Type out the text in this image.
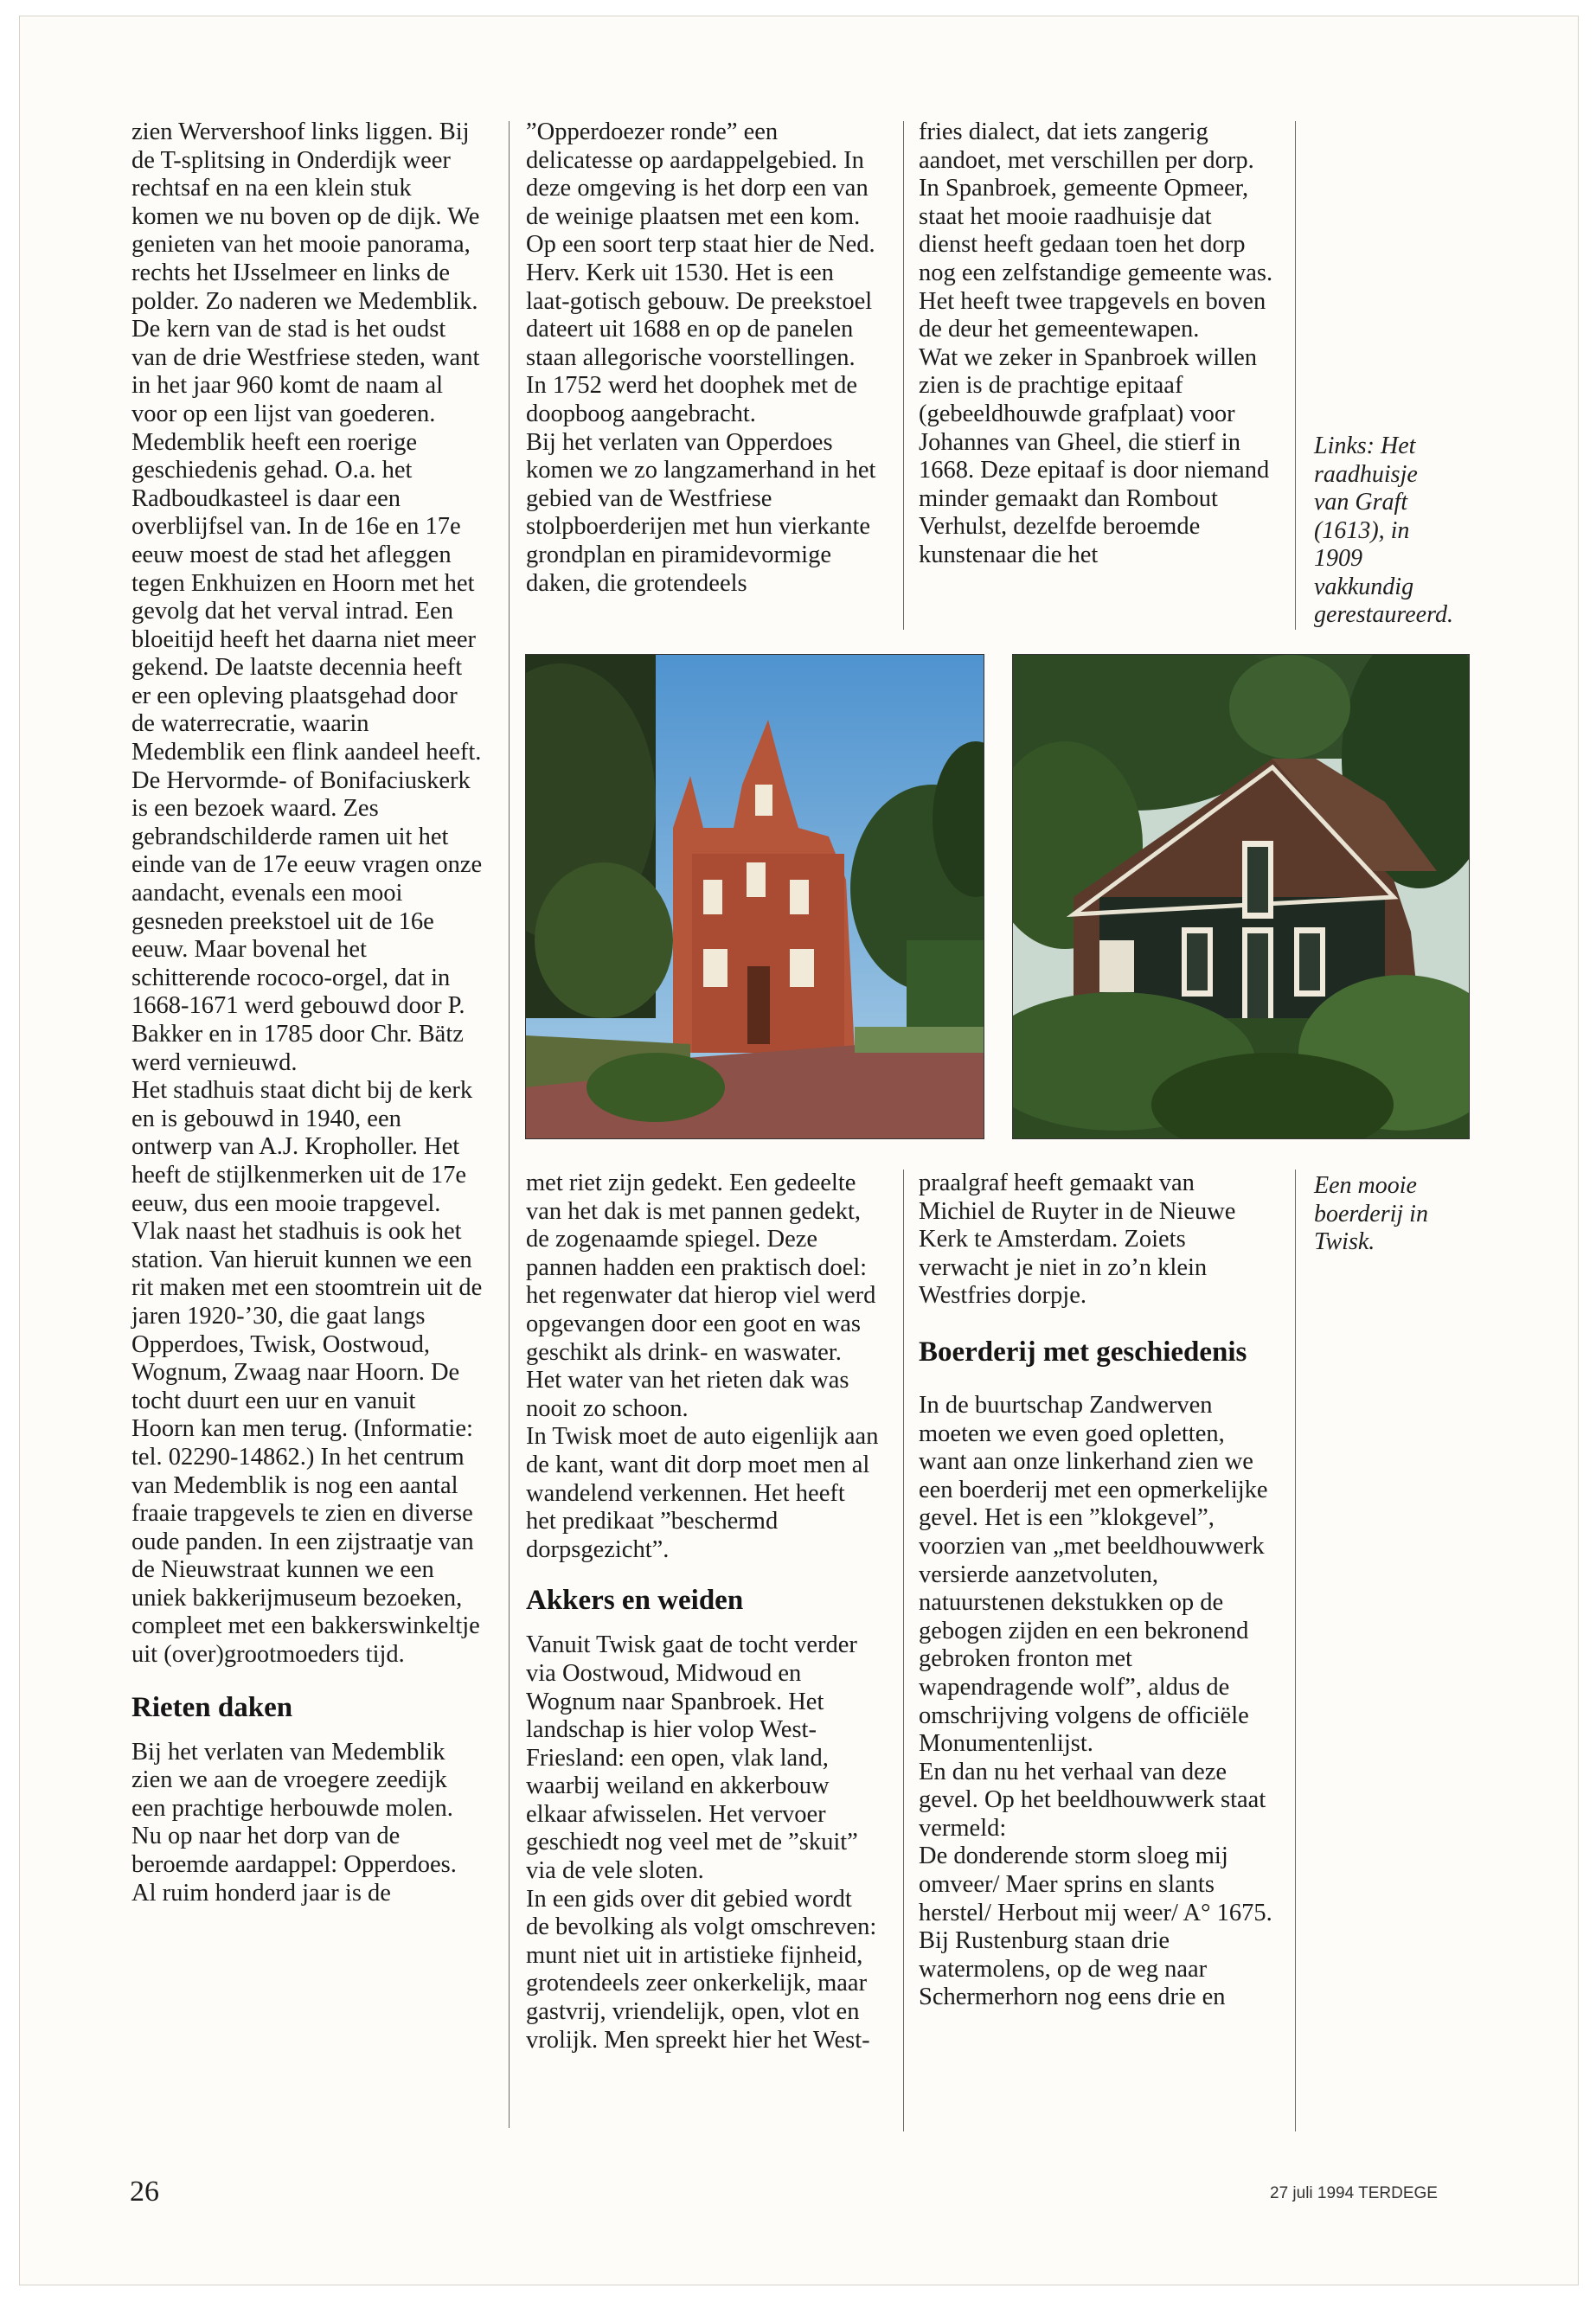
zien Wervershoof links liggen. Bij de T-splitsing in Onderdijk weer rechtsaf en na een klein stuk komen we nu boven op de dijk. We genieten van het mooie panorama, rechts het IJsselmeer en links de polder. Zo naderen we Medemblik. De kern van de stad is het oudst van de drie Westfriese steden, want in het jaar 960 komt de naam al voor op een lijst van goederen.

Medemblik heeft een roerige geschiedenis gehad. O.a. het Radboudkasteel is daar een overblijfsel van. In de 16e en 17e eeuw moest de stad het afleggen tegen Enkhuizen en Hoorn met het gevolg dat het verval intrad. Een bloeitijd heeft het daarna niet meer gekend. De laatste decennia heeft er een opleving plaatsgehad door de waterrecratie, waarin Medemblik een flink aandeel heeft.

De Hervormde- of Bonifaciuskerk is een bezoek waard. Zes gebrandschilderde ramen uit het einde van de 17e eeuw vragen onze aandacht, evenals een mooi gesneden preekstoel uit de 16e eeuw. Maar bovenal het schitterende rococo-orgel, dat in 1668-1671 werd gebouwd door P. Bakker en in 1785 door Chr. Bätz werd vernieuwd.

Het stadhuis staat dicht bij de kerk en is gebouwd in 1940, een ontwerp van A.J. Kropholler. Het heeft de stijlkenmerken uit de 17e eeuw, dus een mooie trapgevel. Vlak naast het stadhuis is ook het station. Van hieruit kunnen we een rit maken met een stoomtrein uit de jaren 1920-’30, die gaat langs Opperdoes, Twisk, Oostwoud, Wognum, Zwaag naar Hoorn. De tocht duurt een uur en vanuit Hoorn kan men terug. (Informatie: tel. 02290-14862.) In het centrum van Medemblik is nog een aantal fraaie trapgevels te zien en diverse oude panden. In een zijstraatje van de Nieuwstraat kunnen we een uniek bakkerijmuseum bezoeken, compleet met een bakkerswinkeltje uit (over)grootmoeders tijd.

Rieten daken

Bij het verlaten van Medemblik zien we aan de vroegere zeedijk een prachtige herbouwde molen. Nu op naar het dorp van de beroemde aardappel: Opperdoes. Al ruim honderd jaar is de

”Opperdoezer ronde” een delicatesse op aardappelgebied. In deze omgeving is het dorp een van de weinige plaatsen met een kom. Op een soort terp staat hier de Ned. Herv. Kerk uit 1530. Het is een laat-gotisch gebouw. De preekstoel dateert uit 1688 en op de panelen staan allegorische voorstellingen. In 1752 werd het doophek met de doopboog aangebracht.

Bij het verlaten van Opperdoes komen we zo langzamerhand in het gebied van de Westfriese stolpboerderijen met hun vierkante grondplan en piramidevormige daken, die grotendeels

fries dialect, dat iets zangerig aandoet, met verschillen per dorp.

In Spanbroek, gemeente Opmeer, staat het mooie raadhuisje dat dienst heeft gedaan toen het dorp nog een zelfstandige gemeente was. Het heeft twee trapgevels en boven de deur het gemeentewapen.

Wat we zeker in Spanbroek willen zien is de prachtige epitaaf (gebeeldhouwde grafplaat) voor Johannes van Gheel, die stierf in 1668. Deze epitaaf is door niemand minder gemaakt dan Rombout Verhulst, dezelfde beroemde kunstenaar die het

Links: Het raadhuisje van Graft (1613), in 1909 vakkundig gerestaureerd.
Een mooie boerderij in Twisk.

met riet zijn gedekt. Een gedeelte van het dak is met pannen gedekt, de zogenaamde spiegel. Deze pannen hadden een praktisch doel: het regenwater dat hierop viel werd opgevangen door een goot en was geschikt als drink- en waswater. Het water van het rieten dak was nooit zo schoon.

In Twisk moet de auto eigenlijk aan de kant, want dit dorp moet men al wandelend verkennen. Het heeft het predikaat ”beschermd dorpsgezicht”.

Akkers en weiden

Vanuit Twisk gaat de tocht verder via Oostwoud, Midwoud en Wognum naar Spanbroek. Het landschap is hier volop West-Friesland: een open, vlak land, waarbij weiland en akkerbouw elkaar afwisselen. Het vervoer geschiedt nog veel met de ”skuit” via de vele sloten.

In een gids over dit gebied wordt de bevolking als volgt omschreven: munt niet uit in artistieke fijnheid, grotendeels zeer onkerkelijk, maar gastvrij, vriendelijk, open, vlot en vrolijk. Men spreekt hier het West-

praalgraf heeft gemaakt van Michiel de Ruyter in de Nieuwe Kerk te Amsterdam. Zoiets verwacht je niet in zo’n klein Westfries dorpje.

Boerderij met geschiedenis

In de buurtschap Zandwerven moeten we even goed opletten, want aan onze linkerhand zien we een boerderij met een opmerkelijke gevel. Het is een ”klokgevel”, voorzien van „met beeldhouwwerk versierde aanzetvoluten, natuurstenen dekstukken op de gebogen zijden en een bekronend gebroken fronton met wapendragende wolf”, aldus de omschrijving volgens de officiële Monumentenlijst.

En dan nu het verhaal van deze gevel. Op het beeldhouwwerk staat vermeld:

De donderende storm sloeg mij omveer/ Maer sprins en slants herstel/ Herbout mij weer/ A° 1675.

Bij Rustenburg staan drie watermolens, op de weg naar Schermerhorn nog eens drie en

26	27 juli 1994 TERDEGE
